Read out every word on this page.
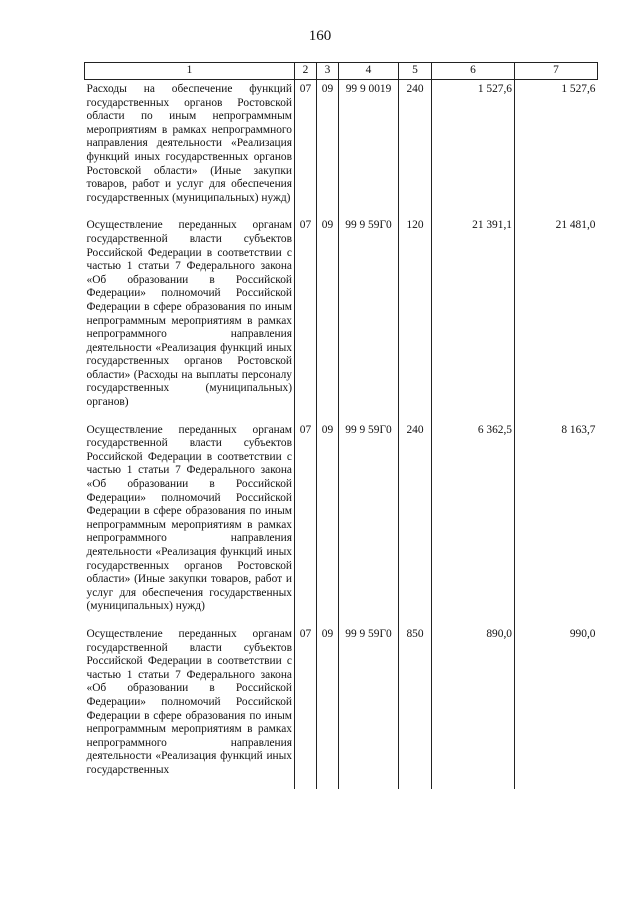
160
1	2	3	4	5	6	7
Расходы на обеспечение функций государственных органов Ростовской области по иным непрограммным мероприятиям в рамках непрограммного направления деятельности «Реализация функций иных государственных органов Ростовской области» (Иные закупки товаров, работ и услуг для обеспечения государственных (муниципальных) нужд)	07	09	99 9 0019	240	1 527,6	1 527,6
Осуществление переданных органам государственной власти субъектов Российской Федерации в соответствии с частью 1 статьи 7 Федерального закона «Об образовании в Российской Федерации» полномочий Российской Федерации в сфере образования по иным непрограммным мероприятиям в рамках непрограммного направления деятельности «Реализация функций иных государственных органов Ростовской области» (Расходы на выплаты персоналу государственных (муниципальных) органов)	07	09	99 9 59Г0	120	21 391,1	21 481,0
Осуществление переданных органам государственной власти субъектов Российской Федерации в соответствии с частью 1 статьи 7 Федерального закона «Об образовании в Российской Федерации» полномочий Российской Федерации в сфере образования по иным непрограммным мероприятиям в рамках непрограммного направления деятельности «Реализация функций иных государственных органов Ростовской области» (Иные закупки товаров, работ и услуг для обеспечения государственных (муниципальных) нужд)	07	09	99 9 59Г0	240	6 362,5	8 163,7
Осуществление переданных органам государственной власти субъектов Российской Федерации в соответствии с частью 1 статьи 7 Федерального закона «Об образовании в Российской Федерации» полномочий Российской Федерации в сфере образования по иным непрограммным мероприятиям в рамках непрограммного направления деятельности «Реализация функций иных государственных	07	09	99 9 59Г0	850	890,0	990,0
